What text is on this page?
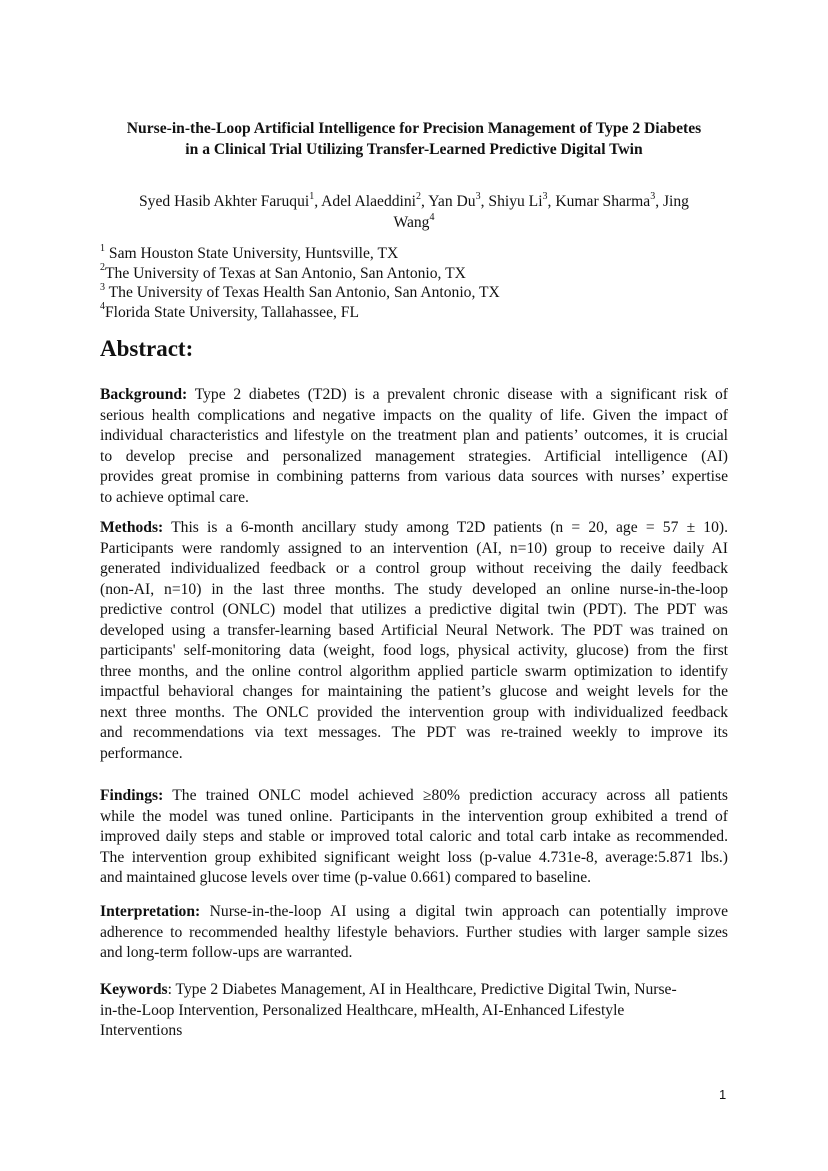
Nurse-in-the-Loop Artificial Intelligence for Precision Management of Type 2 Diabetes
in a Clinical Trial Utilizing Transfer-Learned Predictive Digital Twin
Syed Hasib Akhter Faruqui$^1$, Adel Alaeddini$^2$, Yan Du$^3$, Shiyu Li$^3$, Kumar Sharma$^3$, Jing
Wang$^4$
$^1$ Sam Houston State University, Huntsville, TX
$^2$The University of Texas at San Antonio, San Antonio, TX
$^3$ The University of Texas Health San Antonio, San Antonio, TX
$^4$Florida State University, Tallahassee, FL
Abstract:
Background: Type 2 diabetes (T2D) is a prevalent chronic disease with a significant risk of
serious health complications and negative impacts on the quality of life. Given the impact of
individual characteristics and lifestyle on the treatment plan and patients’ outcomes, it is crucial
to develop precise and personalized management strategies. Artificial intelligence (AI)
provides great promise in combining patterns from various data sources with nurses’ expertise
to achieve optimal care.
Methods: This is a 6-month ancillary study among T2D patients (n = 20, age = 57 ± 10).
Participants were randomly assigned to an intervention (AI, n=10) group to receive daily AI
generated individualized feedback or a control group without receiving the daily feedback
(non-AI, n=10) in the last three months. The study developed an online nurse-in-the-loop
predictive control (ONLC) model that utilizes a predictive digital twin (PDT). The PDT was
developed using a transfer-learning based Artificial Neural Network. The PDT was trained on
participants' self-monitoring data (weight, food logs, physical activity, glucose) from the first
three months, and the online control algorithm applied particle swarm optimization to identify
impactful behavioral changes for maintaining the patient’s glucose and weight levels for the
next three months. The ONLC provided the intervention group with individualized feedback
and recommendations via text messages. The PDT was re-trained weekly to improve its
performance.
Findings: The trained ONLC model achieved ≥80% prediction accuracy across all patients
while the model was tuned online. Participants in the intervention group exhibited a trend of
improved daily steps and stable or improved total caloric and total carb intake as recommended.
The intervention group exhibited significant weight loss (p-value 4.731e-8, average:5.871 lbs.)
and maintained glucose levels over time (p-value 0.661) compared to baseline.
Interpretation: Nurse-in-the-loop AI using a digital twin approach can potentially improve
adherence to recommended healthy lifestyle behaviors. Further studies with larger sample sizes
and long-term follow-ups are warranted.
Keywords: Type 2 Diabetes Management, AI in Healthcare, Predictive Digital Twin, Nurse-
in-the-Loop Intervention, Personalized Healthcare, mHealth, AI-Enhanced Lifestyle
Interventions
1
